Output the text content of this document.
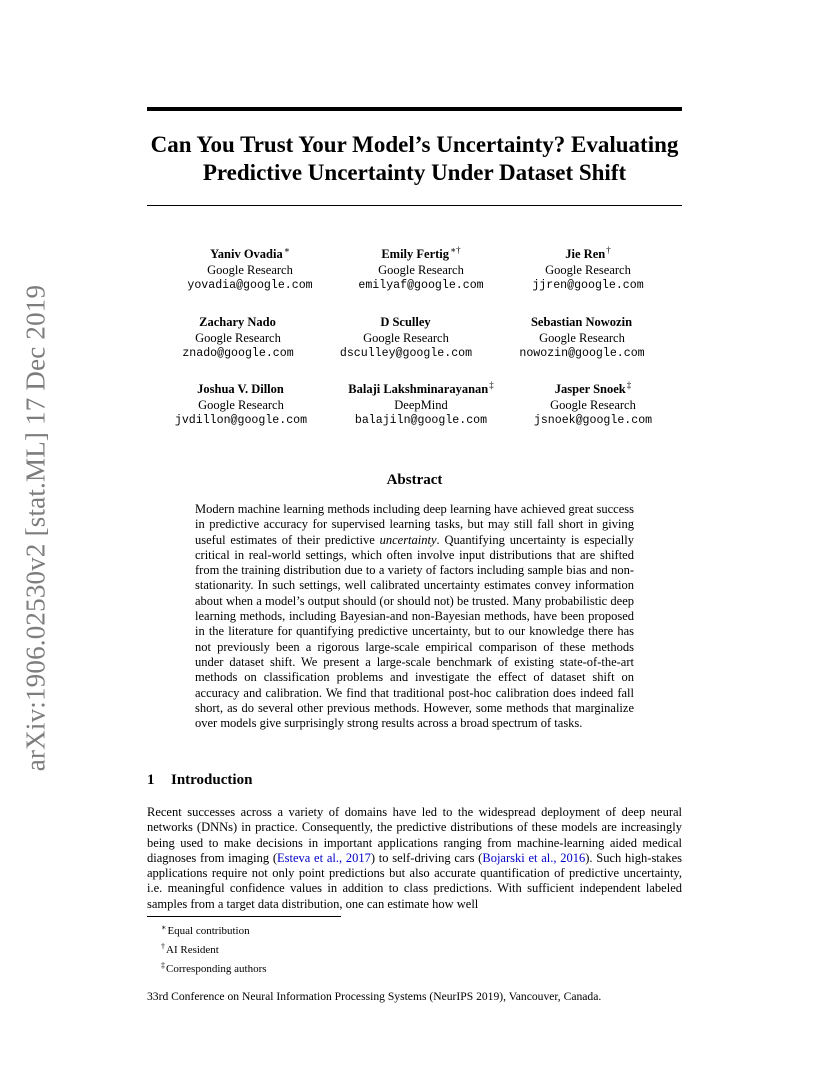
arXiv:1906.02530v2 [stat.ML] 17 Dec 2019
Can You Trust Your Model’s Uncertainty? Evaluating
Predictive Uncertainty Under Dataset Shift
Yaniv Ovadia∗
Google Research
yovadia@google.com
Emily Fertig∗†
Google Research
emilyaf@google.com
Jie Ren†
Google Research
jjren@google.com
Zachary Nado
Google Research
znado@google.com
D Sculley
Google Research
dsculley@google.com
Sebastian Nowozin
Google Research
nowozin@google.com
Joshua V. Dillon
Google Research
jvdillon@google.com
Balaji Lakshminarayanan‡
DeepMind
balajiln@google.com
Jasper Snoek‡
Google Research
jsnoek@google.com
Abstract
Modern machine learning methods including deep learning have achieved great success in predictive accuracy for supervised learning tasks, but may still fall short in giving useful estimates of their predictive uncertainty. Quantifying uncertainty is especially critical in real-world settings, which often involve input distributions that are shifted from the training distribution due to a variety of factors including sample bias and non-stationarity. In such settings, well calibrated uncertainty estimates convey information about when a model’s output should (or should not) be trusted. Many probabilistic deep learning methods, including Bayesian-and non-Bayesian methods, have been proposed in the literature for quantifying predictive uncertainty, but to our knowledge there has not previously been a rigorous large-scale empirical comparison of these methods under dataset shift. We present a large-scale benchmark of existing state-of-the-art methods on classification problems and investigate the effect of dataset shift on accuracy and calibration. We find that traditional post-hoc calibration does indeed fall short, as do several other previous methods. However, some methods that marginalize over models give surprisingly strong results across a broad spectrum of tasks.
1 Introduction
Recent successes across a variety of domains have led to the widespread deployment of deep neural networks (DNNs) in practice. Consequently, the predictive distributions of these models are increasingly being used to make decisions in important applications ranging from machine-learning aided medical diagnoses from imaging (Esteva et al., 2017) to self-driving cars (Bojarski et al., 2016). Such high-stakes applications require not only point predictions but also accurate quantification of predictive uncertainty, i.e. meaningful confidence values in addition to class predictions. With sufficient independent labeled samples from a target data distribution, one can estimate how well
∗Equal contribution
†AI Resident
‡Corresponding authors
33rd Conference on Neural Information Processing Systems (NeurIPS 2019), Vancouver, Canada.
